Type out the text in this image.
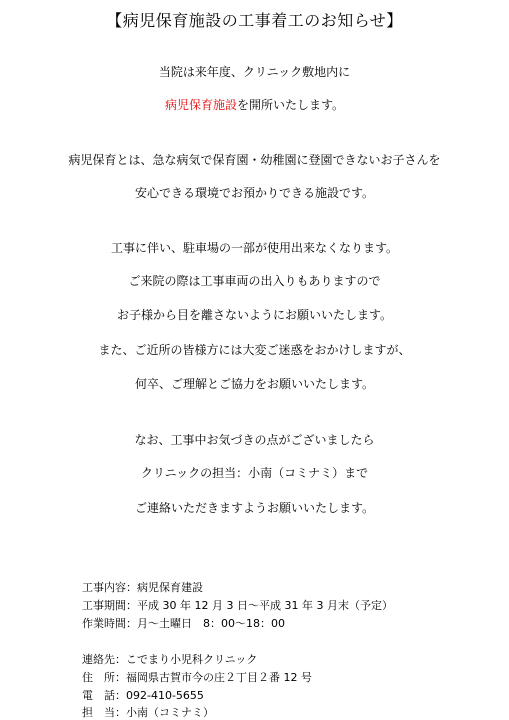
【病児保育施設の工事着工のお知らせ】
当院は来年度、クリニック敷地内に
病児保育施設を開所いたします。
病児保育とは、急な病気で保育園・幼稚園に登園できないお子さんを
安心できる環境でお預かりできる施設です。
工事に伴い、駐車場の一部が使用出来なくなります。
ご来院の際は工事車両の出入りもありますので
お子様から目を離さないようにお願いいたします。
また、ご近所の皆様方には大変ご迷惑をおかけしますが、
何卒、ご理解とご協力をお願いいたします。
なお、工事中お気づきの点がございましたら
クリニックの担当：小南（コミナミ）まで
ご連絡いただきますようお願いいたします。
工事内容：病児保育建設
工事期間：平成 30 年 12 月 3 日～平成 31 年 3 月末（予定）
作業時間：月～土曜日　8：00～18：00
連絡先：こでまり小児科クリニック
住　所：福岡県古賀市今の庄２丁目２番 12 号
電　話：092-410-5655
担　当：小南（コミナミ）
